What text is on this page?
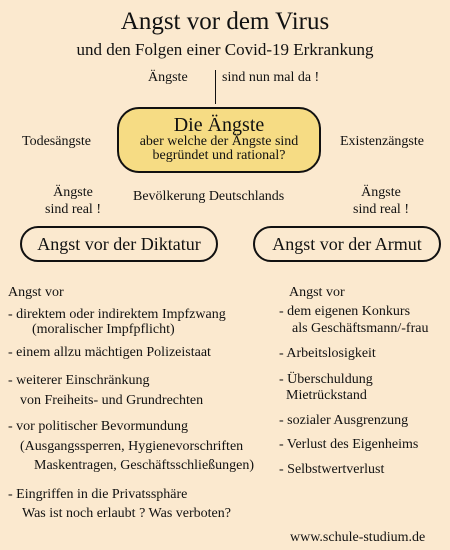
Angst vor dem Virus
und den Folgen einer Covid-19 Erkrankung
Ängste sind nun mal da !
Die Ängste
aber welche der Ängste sind
begründet und rational?
Todesängste	Existenzängste
Ängste
sind real !
Bevölkerung Deutschlands	Ängste
sind real !
Angst vor der Diktatur	Angst vor der Armut
Angst vor	Angst vor
- direktem oder indirektem Impfzwang
(moralischer Impfpflicht)
- einem allzu mächtigen Polizeistaat
- weiterer Einschränkung
von Freiheits- und Grundrechten
- vor politischer Bevormundung
(Ausgangssperren, Hygienevorschriften
Maskentragen, Geschäftsschließungen)
- Eingriffen in die Privatssphäre
Was ist noch erlaubt ? Was verboten?
- dem eigenen Konkurs
als Geschäftsmann/-frau
- Arbeitslosigkeit
- Überschuldung
Mietrückstand
- sozialer Ausgrenzung
- Verlust des Eigenheims
- Selbstwertverlust
www.schule-studium.de
